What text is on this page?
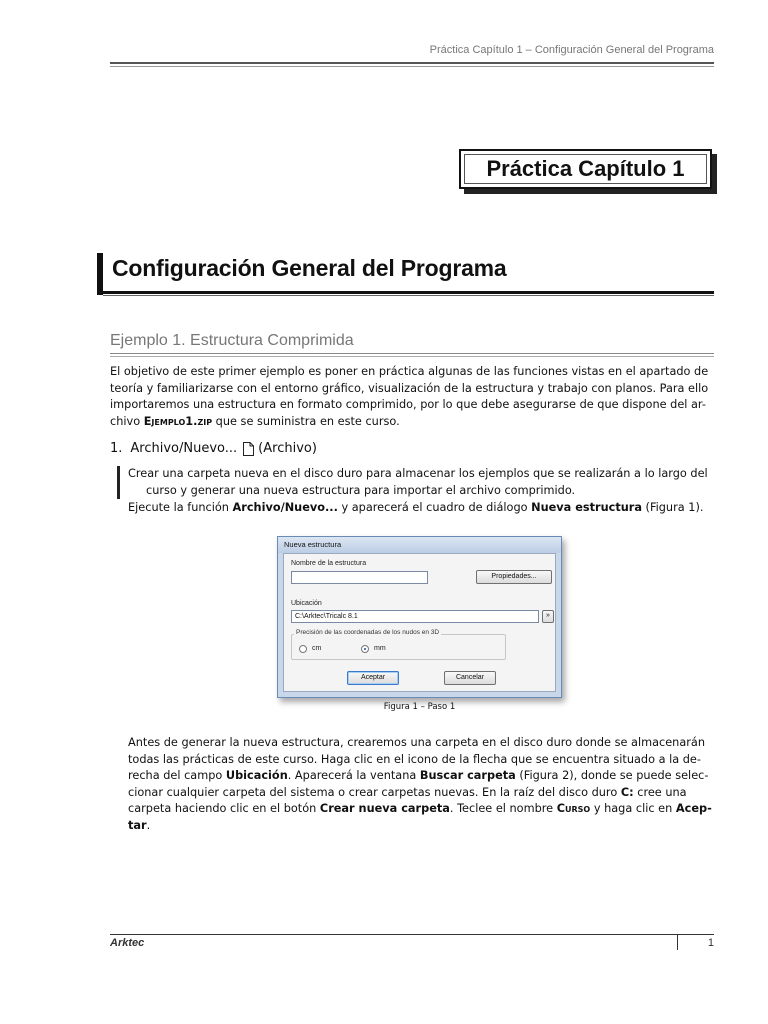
Práctica Capítulo 1 – Configuración General del Programa
Práctica Capítulo 1
Configuración General del Programa
Ejemplo 1. Estructura Comprimida
El objetivo de este primer ejemplo es poner en práctica algunas de las funciones vistas en el apartado de
teoría y familiarizarse con el entorno gráfico, visualización de la estructura y trabajo con planos. Para ello
importaremos una estructura en formato comprimido, por lo que debe asegurarse de que dispone del ar-
chivo Ejemplo1.zip que se suministra en este curso.
1. Archivo/Nuevo... (Archivo)
Crear una carpeta nueva en el disco duro para almacenar los ejemplos que se realizarán a lo largo del
curso y generar una nueva estructura para importar el archivo comprimido.
Ejecute la función Archivo/Nuevo... y aparecerá el cuadro de diálogo Nueva estructura (Figura 1).
Nueva estructura
Nombre de la estructura
Propiedades...
Ubicación
C:\Arktec\Tricalc 8.1	»
Precisión de las coordenadas de los nudos en 3D
cm	mm
Aceptar	Cancelar
Figura 1 – Paso 1
Antes de generar la nueva estructura, crearemos una carpeta en el disco duro donde se almacenarán
todas las prácticas de este curso. Haga clic en el icono de la flecha que se encuentra situado a la de-
recha del campo Ubicación. Aparecerá la ventana Buscar carpeta (Figura 2), donde se puede selec-
cionar cualquier carpeta del sistema o crear carpetas nuevas. En la raíz del disco duro C: cree una
carpeta haciendo clic en el botón Crear nueva carpeta. Teclee el nombre Curso y haga clic en Acep-
tar.
Arktec	1
